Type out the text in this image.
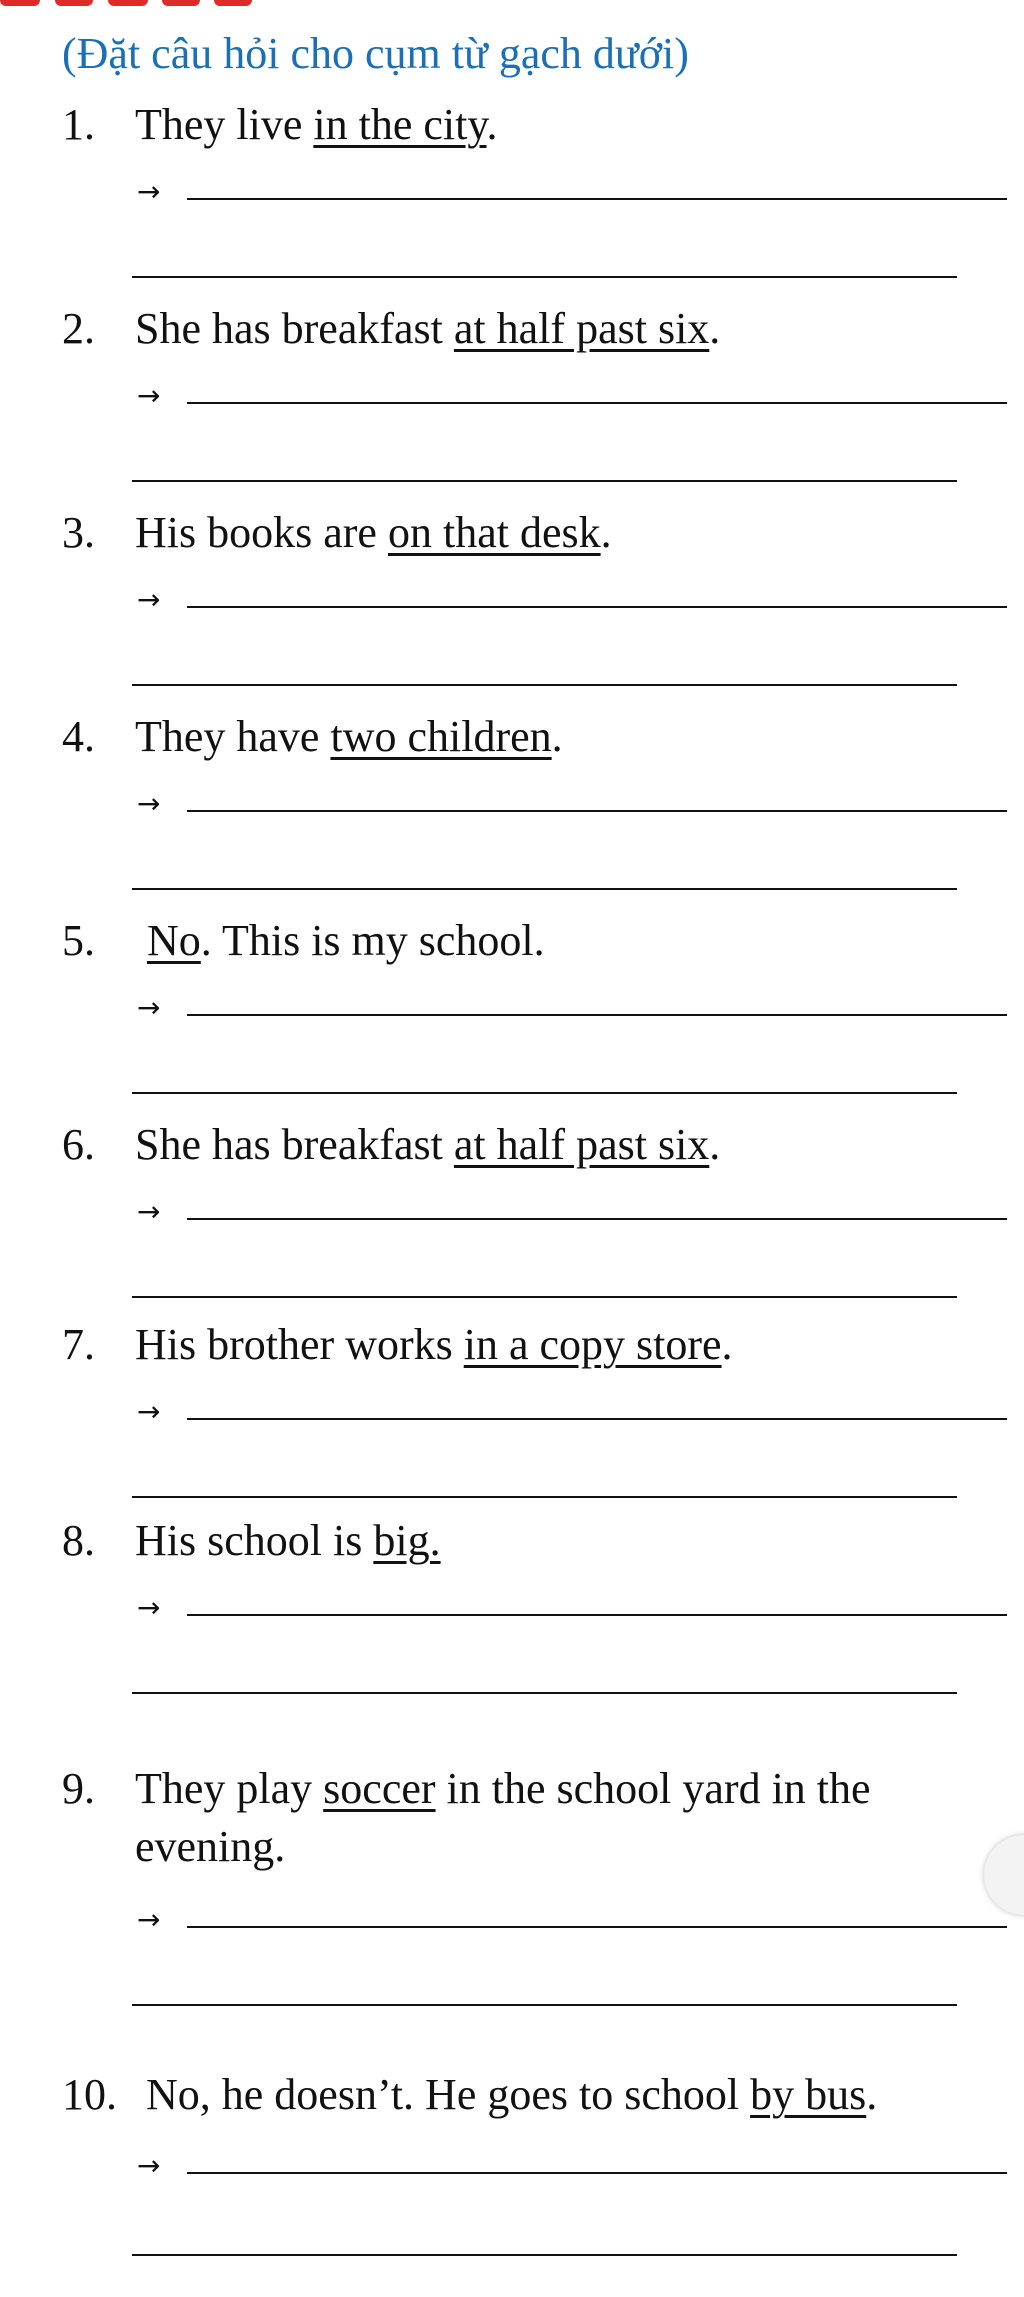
(Đặt câu hỏi cho cụm từ gạch dưới)
1. They live in the city.
→
2. She has breakfast at half past six.
→
3. His books are on that desk.
→
4. They have two children.
→
5.	No. This is my school.
→
6. She has breakfast at half past six.
→
7. His brother works in a copy store.
→
8. His school is big.
→
9. They play soccer in the school yard in the
evening.
→
10. No, he doesn’t. He goes to school by bus.
→
